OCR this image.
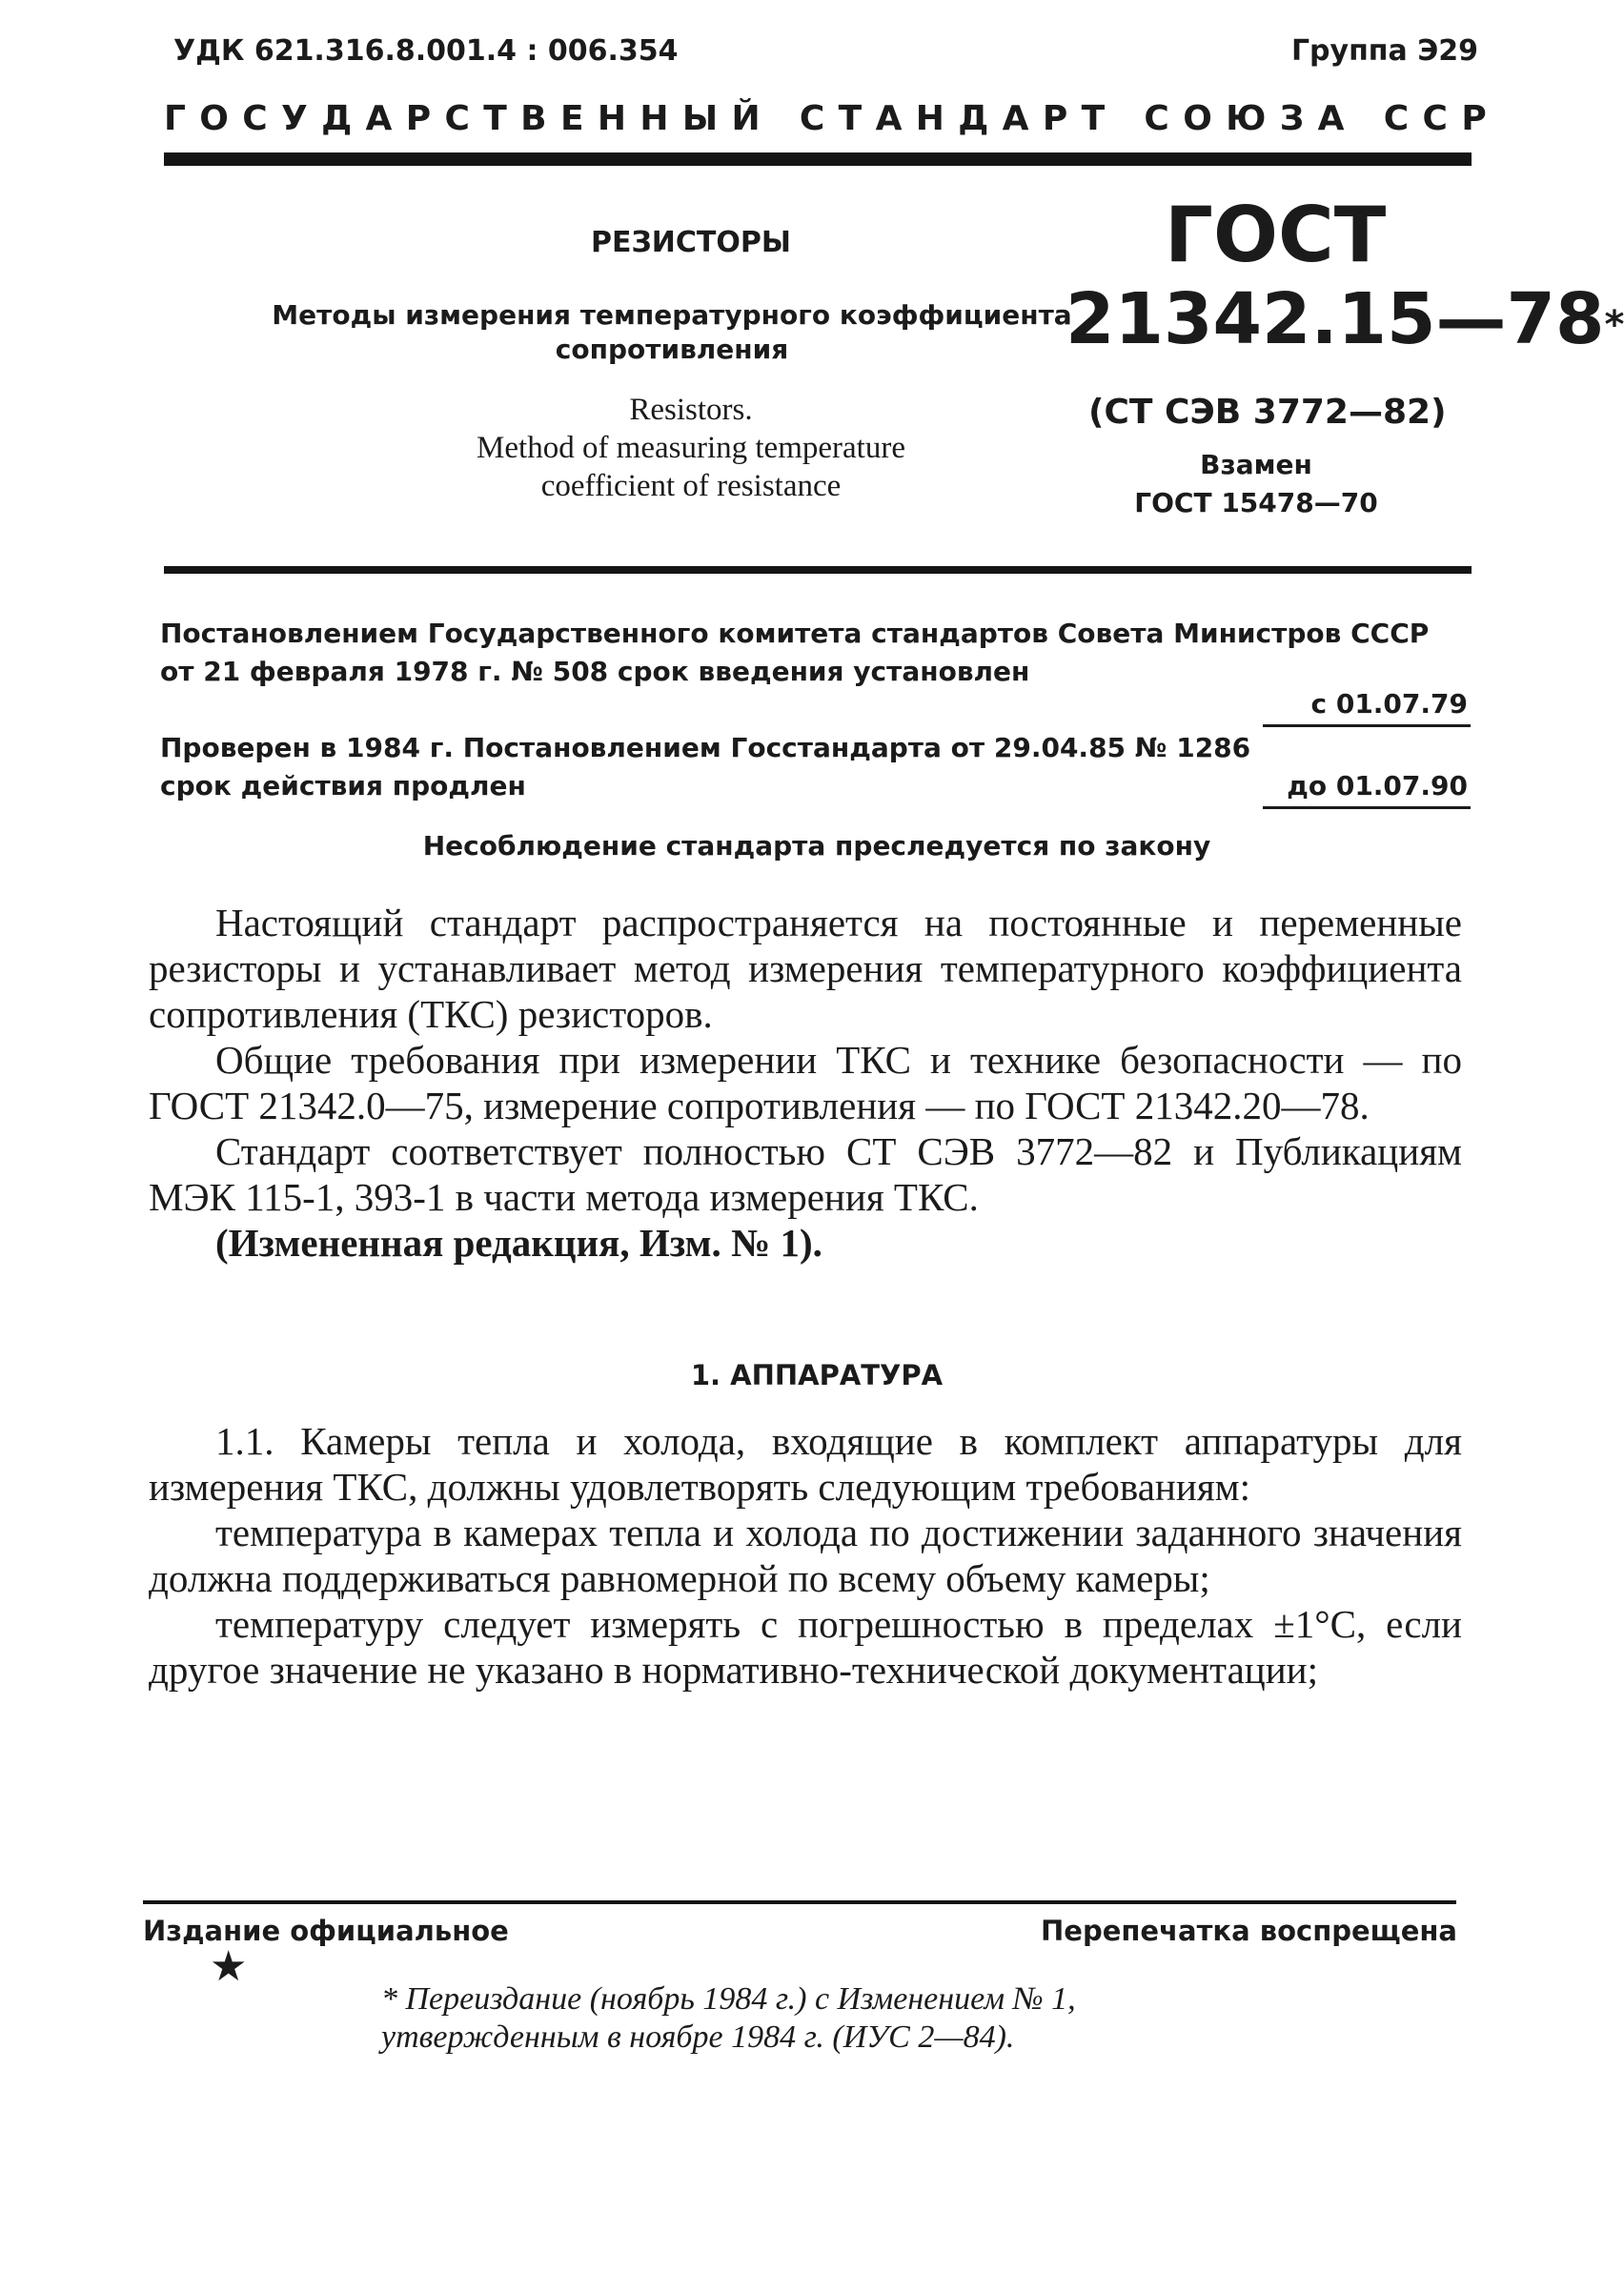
УДК 621.316.8.001.4 : 006.354	Группа Э29
Г О С У Д А Р С Т В Е Н Н Ы Й
С Т А Н Д А Р Т
С О Ю З А
С С Р
РЕЗИСТОРЫ
Методы измерения температурного коэффициента
сопротивления
Resistors.
Method of measuring temperature
coefficient of resistance
ГОСТ
21342.15—78*
(СТ СЭВ 3772—82)
Взамен
ГОСТ 15478—70
Постановлением Государственного комитета стандартов Совета Министров СССР
от 21 февраля 1978 г. № 508 срок введения установлен
с 01.07.79
Проверен в 1984 г. Постановлением Госстандарта от 29.04.85 № 1286
срок действия продлен	до 01.07.90
Несоблюдение стандарта преследуется по закону

Настоящий стандарт распространяется на постоянные и переменные резисторы и устанавливает метод измерения температурного коэффициента сопротивления (ТКС) резисторов.

Общие требования при измерении ТКС и технике безопасности — по ГОСТ 21342.0—75, измерение сопротивления — по ГОСТ 21342.20—78.

Стандарт соответствует полностью СТ СЭВ 3772—82 и Публикациям МЭК 115-1, 393-1 в части метода измерения ТКС.

(Измененная редакция, Изм. № 1).

1. АППАРАТУРА

1.1. Камеры тепла и холода, входящие в комплект аппаратуры для измерения ТКС, должны удовлетворять следующим требованиям:

температура в камерах тепла и холода по достижении заданного значения должна поддерживаться равномерной по всему объему камеры;

температуру следует измерять с погрешностью в пределах ±1°С, если другое значение не указано в нормативно-технической документации;

Издание официальное	Перепечатка воспрещена
★
* Переиздание (ноябрь 1984 г.) с Изменением № 1,
утвержденным в ноябре 1984 г. (ИУС 2—84).
